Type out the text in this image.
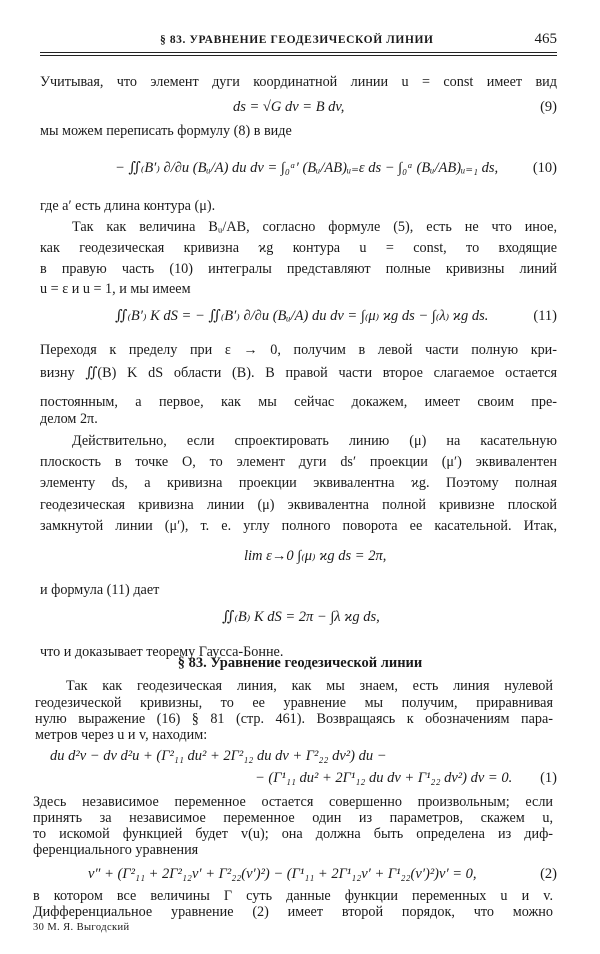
§ 83. УРАВНЕНИЕ ГЕОДЕЗИЧЕСКОЙ ЛИНИИ	465
Учитывая, что элемент дуги координатной линии u = const имеет вид
ds = √G dv = B dv,	(9)
мы можем переписать формулу (8) в виде
− ∬₍B′₎ ∂/∂u (Bᵤ/A) du dv = ∫₀ᵃ′ (Bᵤ/AB)ᵤ₌ε ds − ∫₀ᵃ (Bᵤ/AB)ᵤ₌₁ ds, (10)
где a′ есть длина контура (μ).
Так как величина Bᵤ/AB, согласно формуле (5), есть не что иное,
как геодезическая кривизна ϰg контура u = const, то входящие
в правую часть (10) интегралы представляют полные кривизны линий
u = ε и u = 1, и мы имеем
∬₍B′₎ K dS = − ∬₍B′₎ ∂/∂u (Bᵤ/A) du dv = ∫₍μ₎ ϰg ds − ∫₍λ₎ ϰg ds.	(11)
Переходя к пределу при ε → 0, получим в левой части полную кри-
визну ∬(B) K dS области (B). В правой части второе слагаемое остается
постоянным, а первое, как мы сейчас докажем, имеет своим пре-
делом 2π.
Действительно, если спроектировать линию (μ) на касательную
плоскость в точке O, то элемент дуги ds′ проекции (μ′) эквивалентен
элементу ds, а кривизна проекции эквивалентна ϰg. Поэтому полная
геодезическая кривизна линии (μ) эквивалентна полной кривизне плоской
замкнутой линии (μ′), т. е. углу полного поворота ее касательной. Итак,
lim ε→0 ∫₍μ₎ ϰg ds = 2π,
и формула (11) дает
∬₍B₎ K dS = 2π − ∫λ ϰg ds,
что и доказывает теорему Гаусса-Бонне.
§ 83. Уравнение геодезической линии
Так как геодезическая линия, как мы знаем, есть линия нулевой
геодезической кривизны, то ее уравнение мы получим, приравнивая
нулю выражение (16) § 81 (стр. 461). Возвращаясь к обозначениям пара-
метров через u и v, находим:
du d²v − dv d²u + (Γ²₁₁ du² + 2Γ²₁₂ du dv + Γ²₂₂ dv²) du −
− (Γ¹₁₁ du² + 2Γ¹₁₂ du dv + Γ¹₂₂ dv²) dv = 0. (1)
Здесь независимое переменное остается совершенно произвольным; если
принять за независимое переменное один из параметров, скажем u,
то искомой функцией будет v(u); она должна быть определена из диф-
ференциального уравнения
v″ + (Γ²₁₁ + 2Γ²₁₂v′ + Γ²₂₂(v′)²) − (Γ¹₁₁ + 2Γ¹₁₂v′ + Γ¹₂₂(v′)²)v′ = 0,	(2)
в котором все величины Γ суть данные функции переменных u и v.
Дифференциальное уравнение (2) имеет второй порядок, что можно
30 М. Я. Выгодский
